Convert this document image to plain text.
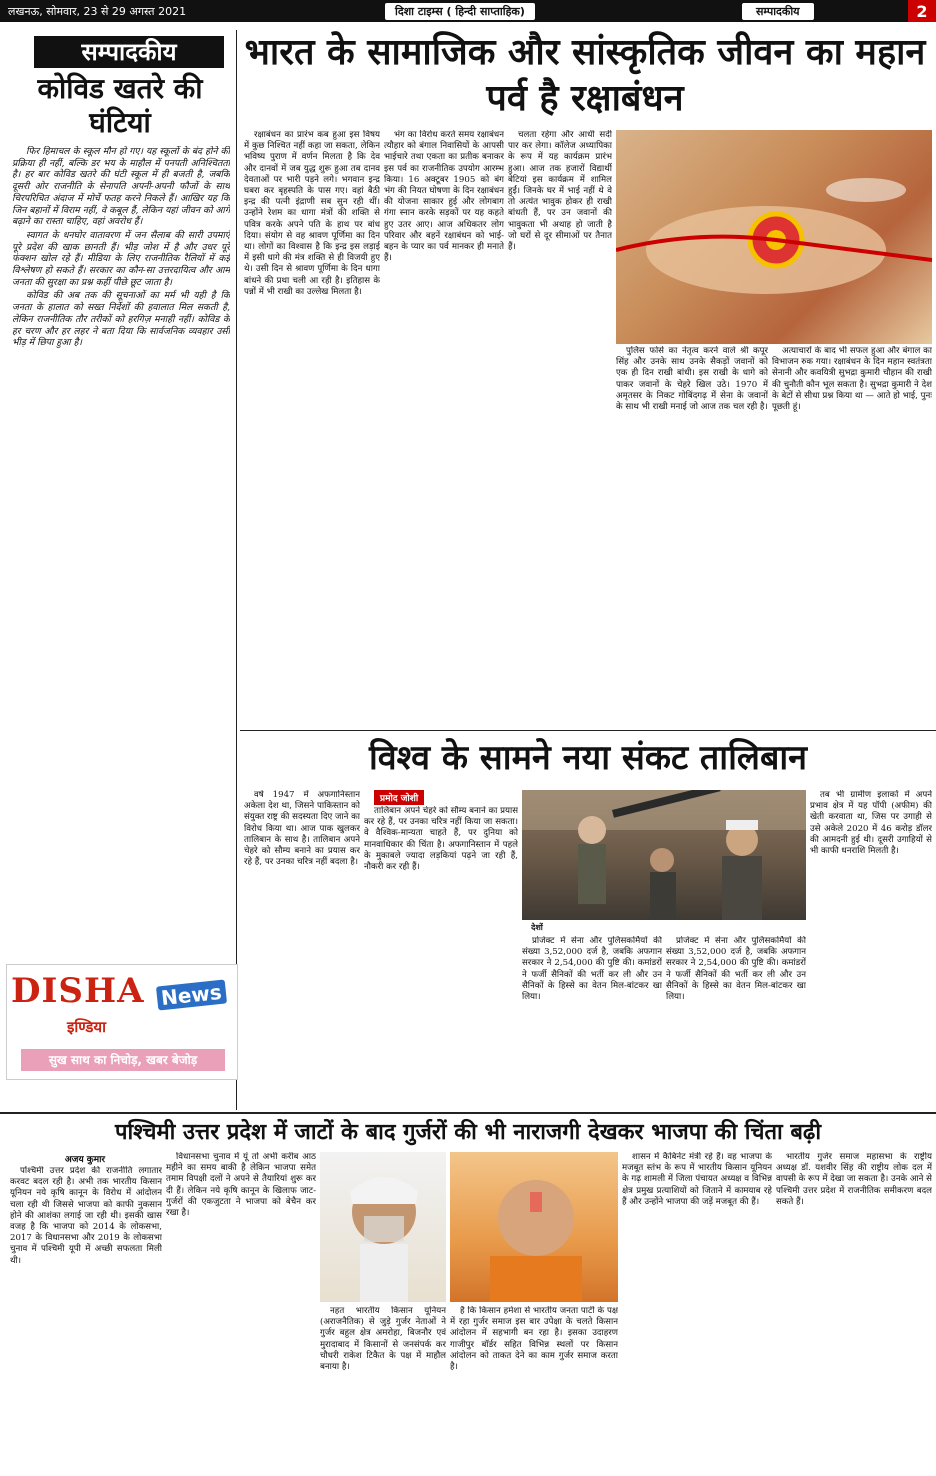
लखनऊ, सोमवार, 23 से 29 अगस्त 2021	दिशा टाइम्स ( हिन्दी साप्ताहिक)	सम्पादकीय	2
सम्पादकीय
कोविड खतरे की घंटियां

फिर हिमाचल के स्कूल मौन हो गए। यह स्कूलों के बंद होने की प्रक्रिया ही नहीं, बल्कि डर भय के माहौल में पनपती अनिश्चितता है। हर बार कोविड खतरे की घंटी स्कूल में ही बजती है, जबकि दूसरी ओर राजनीति के सेनापति अपनी-अपनी फौजों के साथ चिरपरिचित अंदाज में मोर्चे फतह करने निकले हैं। आखिर यह कि जिन बहानों में विराम नहीं, वे कबूल हैं, लेकिन यहां जीवन को आगे बढ़ाने का रास्ता चाहिए, वहां अवरोध हैं।

स्वागत के धनघोर वातावरण में जन सैलाब की सारी उपमाएं पूरे प्रदेश की खाक छानती हैं। भीड़ जोश में है और उधर पूरे फंक्शन खोल रहे हैं। मीडिया के लिए राजनीतिक रैलियों में कई विश्लेषण हो सकते हैं। सरकार का कौन-सा उत्तरदायित्व और आम जनता की सुरक्षा का प्रश्न कहीं पीछे छूट जाता है।

कोविड की अब तक की सूचनाओं का मर्म भी यही है कि जनता के हालात को सख्त निर्देशों की हवालात मिल सकती है, लेकिन राजनीतिक तौर तरीकों को हरगिज़ मनाही नहीं। कोविड के हर चरण और हर लहर ने बता दिया कि सार्वजनिक व्यवहार उसी भीड़ में छिपा हुआ है।

DISHA News
इण्डिया
सुख साथ का निचोड़, खबर बेजोड़
भारत के सामाजिक और सांस्कृतिक जीवन का महान पर्व है रक्षाबंधन

रक्षाबंधन का प्रारंभ कब हुआ इस विषय में कुछ निश्चित नहीं कहा जा सकता, लेकिन भविष्य पुराण में वर्णन मिलता है कि देव और दानवों में जब युद्ध शुरू हुआ तब दानव देवताओं पर भारी पड़ने लगे। भगवान इन्द्र घबरा कर बृहस्पति के पास गए। वहां बैठी इन्द्र की पत्नी इंद्राणी सब सुन रही थीं। उन्होंने रेशम का धागा मंत्रों की शक्ति से पवित्र करके अपने पति के हाथ पर बांध दिया। संयोग से वह श्रावण पूर्णिमा का दिन था। लोगों का विश्वास है कि इन्द्र इस लड़ाई में इसी धागे की मंत्र शक्ति से ही विजयी हुए थे। उसी दिन से श्रावण पूर्णिमा के दिन धागा बांधने की प्रथा चली आ रही है। इतिहास के पन्नों में भी राखी का उल्लेख मिलता है।

भंग का विरोध करते समय रक्षाबंधन त्यौहार को बंगाल निवासियों के आपसी भाईचारे तथा एकता का प्रतीक बनाकर इस पर्व का राजनीतिक उपयोग आरम्भ किया। 16 अक्टूबर 1905 को बंग भंग की नियत घोषणा के दिन रक्षाबंधन की योजना साकार हुई और लोगबाग गंगा स्नान करके सड़कों पर यह कहते हुए उतर आए। आज अधिकतर लोग परिवार और बहनें रक्षाबंधन को भाई-बहन के प्यार का पर्व मानकर ही मनाते हैं।

चलता रहेगा और आधी सदी पार कर लेगा। कॉलेज अध्यापिका के रूप में यह कार्यक्रम प्रारंभ हुआ। आज तक हजारों विद्यार्थी बेटियां इस कार्यक्रम में शामिल हुईं। जिनके घर में भाई नहीं थे वे तो अत्यंत भावुक होकर ही राखी बांधती हैं, पर उन जवानों की भावुकता भी अथाह हो जाती है जो घरों से दूर सीमाओं पर तैनात हैं।

पुलिस फोर्स का नेतृत्व करने वाले श्री कपूर सिंह और उनके साथ उनके सैकड़ों जवानों को एक ही दिन राखी बांधी। इस राखी के धागे को पाकर जवानों के चेहरे खिल उठे। 1970 में अमृतसर के निकट गोबिंदगढ़ में सेना के जवानों के साथ भी राखी मनाई जो आज तक चल रही है।

अत्याचारों के बाद भी सफल हुआ और बंगाल का विभाजन रुक गया। रक्षाबंधन के दिन महान स्वतंत्रता सेनानी और कवयित्री सुभद्रा कुमारी चौहान की राखी की चुनौती कौन भूल सकता है। सुभद्रा कुमारी ने देश के बेटों से सीधा प्रश्न किया था — आते हो भाई, पुनः पूछती हूं।

विश्व के सामने नया संकट तालिबान

वर्ष 1947 में अफगानिस्तान अकेला देश था, जिसने पाकिस्तान को संयुक्त राष्ट्र की सदस्यता दिए जाने का विरोध किया था। आज पाक खुलकर तालिबान के साथ है। तालिबान अपने चेहरे को सौम्य बनाने का प्रयास कर रहे हैं, पर उनका चरित्र नहीं बदला है।

प्रमोद जोशी

तालिबान अपने चेहरे को सौम्य बनाने का प्रयास कर रहे हैं, पर उनका चरित्र नहीं किया जा सकता। वे वैश्विक-मान्यता चाहते हैं, पर दुनिया को मानवाधिकार की चिंता है। अफगानिस्तान में पहले के मुकाबले ज्यादा लड़कियां पढ़ने जा रही हैं, नौकरी कर रही हैं।

देशों

प्रोजेक्ट में सेना और पुलिसकर्मियों की संख्या 3,52,000 दर्ज है, जबकि अफगान सरकार ने 2,54,000 की पुष्टि की। कमांडरों ने फर्जी सैनिकों की भर्ती कर ली और उन सैनिकों के हिस्से का वेतन मिल-बांटकर खा लिया।

प्रोजेक्ट में सेना और पुलिसकर्मियों की संख्या 3,52,000 दर्ज है, जबकि अफगान सरकार ने 2,54,000 की पुष्टि की। कमांडरों ने फर्जी सैनिकों की भर्ती कर ली और उन सैनिकों के हिस्से का वेतन मिल-बांटकर खा लिया।

तब भी ग्रामीण इलाकों में अपने प्रभाव क्षेत्र में यह पॉपी (अफीम) की खेती करवाता था, जिस पर उगाही से उसे अकेले 2020 में 46 करोड़ डॉलर की आमदनी हुई थी। दूसरी उगाहियों से भी काफी धनराशि मिलती है।

पश्चिमी उत्तर प्रदेश में जाटों के बाद गुर्जरों की भी नाराजगी देखकर भाजपा की चिंता बढ़ी
अजय कुमार

पश्चिमी उत्तर प्रदेश की राजनीति लगातार करवट बदल रही है। अभी तक भारतीय किसान यूनियन नये कृषि कानून के विरोध में आंदोलन चला रही थी जिससे भाजपा को काफी नुकसान होने की आशंका लगाई जा रही थी। इसकी खास वजह है कि भाजपा को 2014 के लोकसभा, 2017 के विधानसभा और 2019 के लोकसभा चुनाव में पश्चिमी यूपी में अच्छी सफलता मिली थी।

विधानसभा चुनाव में यूं तो अभी करीब आठ महीने का समय बाकी है लेकिन भाजपा समेत तमाम विपक्षी दलों ने अपने से तैयारियां शुरू कर दी हैं। लेकिन नये कृषि कानून के खिलाफ जाट-गुर्जरों की एकजुटता ने भाजपा को बेचैन कर रखा है।

नहत भारतीय किसान यूनियन (अराजनैतिक) से जुड़े गुर्जर नेताओं ने गुर्जर बहुल क्षेत्र अमरोहा, बिजनौर एवं मुरादाबाद में किसानों से जनसंपर्क कर चौधरी राकेश टिकैत के पक्ष में माहौल बनाया है।

है कि किसान हमेशा से भारतीय जनता पार्टी के पक्ष में रहा गुर्जर समाज इस बार उपेक्षा के चलते किसान आंदोलन में सहभागी बन रहा है। इसका उदाहरण गाजीपुर बॉर्डर सहित विभिन्न स्थलों पर किसान आंदोलन को ताकत देने का काम गुर्जर समाज करता है।

शासन में कैबिनेट मंत्री रहे हैं। वह भाजपा के मजबूत स्तंभ के रूप में भारतीय किसान यूनियन के गढ़ शामली में जिला पंचायत अध्यक्ष व विभिन्न क्षेत्र प्रमुख प्रत्याशियों को जिताने में कामयाब रहे हैं और उन्होंने भाजपा की जड़ें मजबूत की हैं।

भारतीय गुर्जर समाज महासभा के राष्ट्रीय अध्यक्ष डॉ. यशवीर सिंह की राष्ट्रीय लोक दल में वापसी के रूप में देखा जा सकता है। उनके आने से पश्चिमी उत्तर प्रदेश में राजनीतिक समीकरण बदल सकते हैं।
